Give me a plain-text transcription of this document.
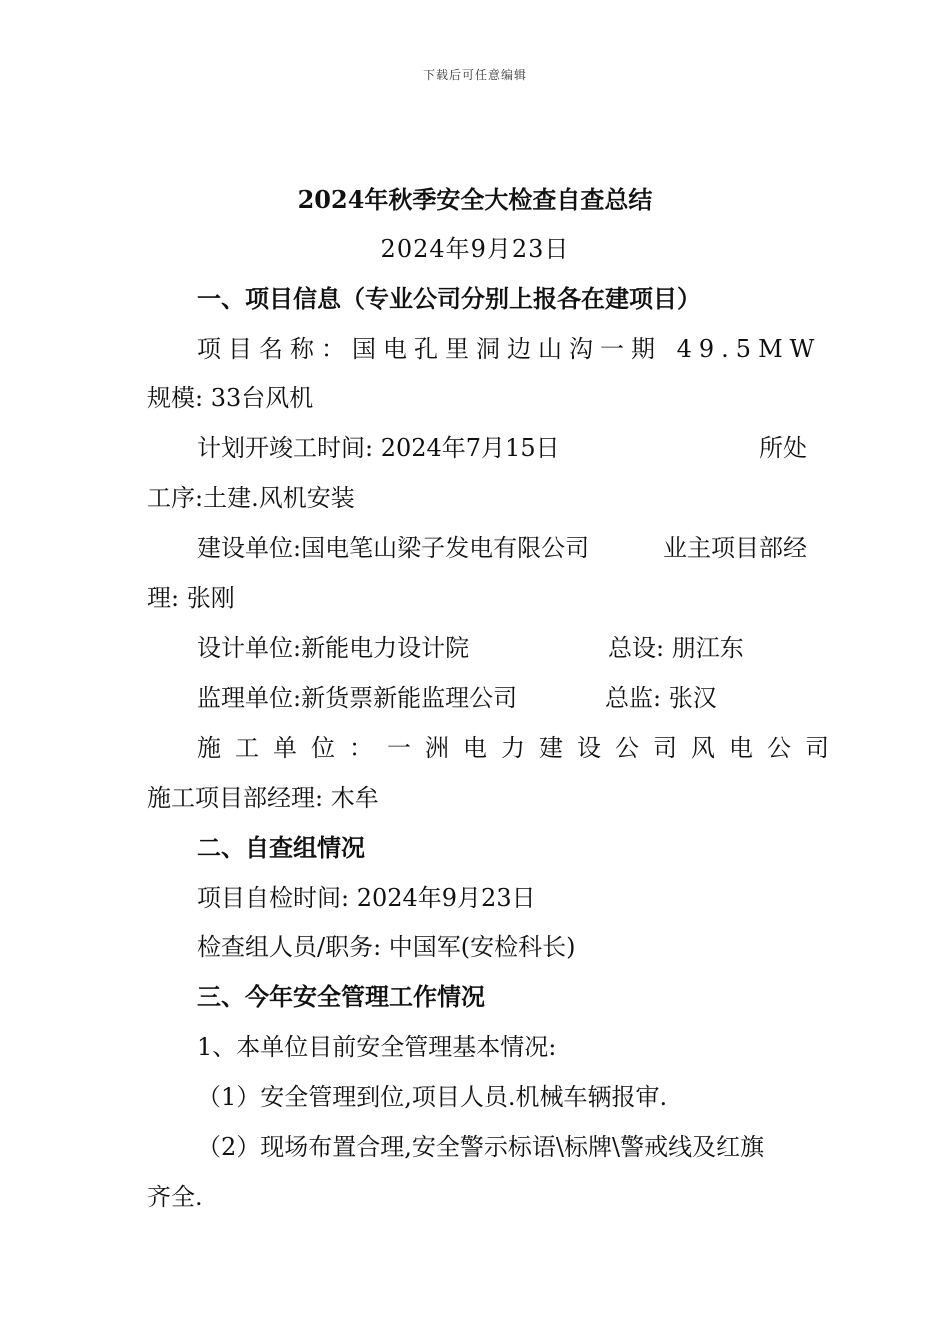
下载后可任意编辑
2024年秋季安全大检查自查总结
2024年9月23日
一、项目信息（专业公司分别上报各在建项目）
项目名称：国电孔里洞边山沟一期 49.5MW
规模: 33台风机
计划开竣工时间: 2024年7月15日	所处
工序:土建.风机安装
建设单位:国电笔山梁子发电有限公司	业主项目部经
理: 张刚
设计单位:新能电力设计院	总设: 朋江东
监理单位:新货票新能监理公司	总监: 张汉
施工单位：一洲电力建设公司风电公司
施工项目部经理: 木牟
二、自查组情况
项目自检时间: 2024年9月23日
检查组人员/职务: 中国军(安检科长)
三、今年安全管理工作情况
1、本单位目前安全管理基本情况:
（1）安全管理到位,项目人员.机械车辆报审.
（2）现场布置合理,安全警示标语\标牌\警戒线及红旗
齐全.
